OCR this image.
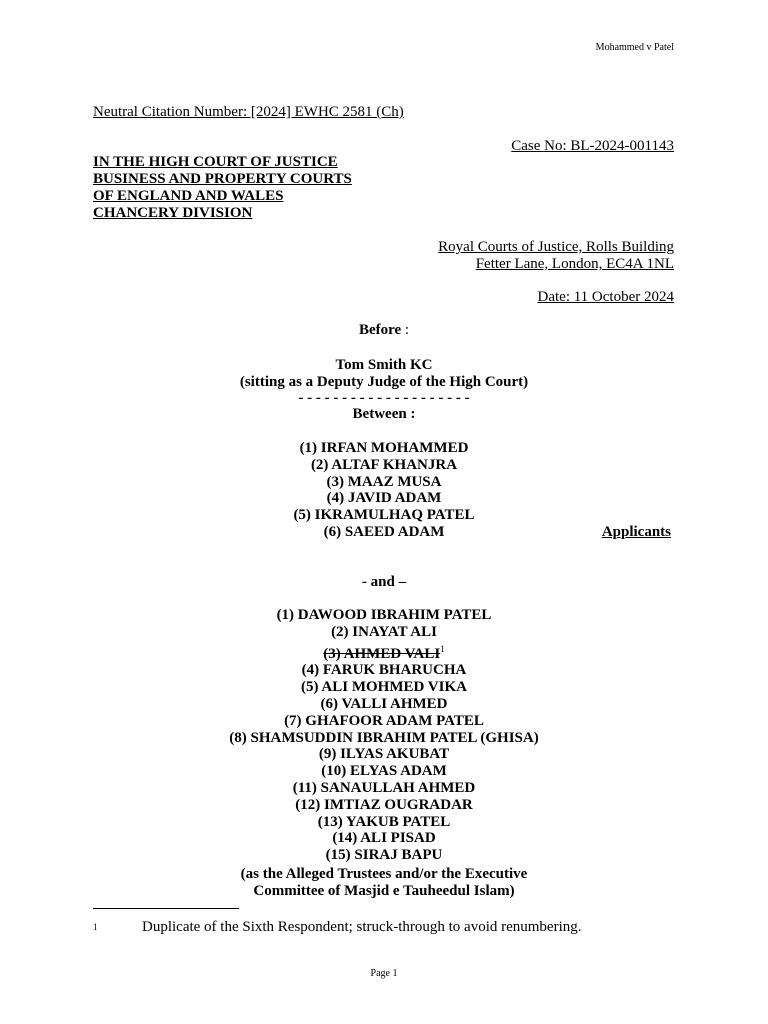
Mohammed v Patel
Neutral Citation Number: [2024] EWHC 2581 (Ch)
Case No: BL-2024-001143
IN THE HIGH COURT OF JUSTICE
BUSINESS AND PROPERTY COURTS
OF ENGLAND AND WALES
CHANCERY DIVISION
Royal Courts of Justice, Rolls Building
Fetter Lane, London, EC4A 1NL
Date: 11 October 2024
Before :
Tom Smith KC
(sitting as a Deputy Judge of the High Court)
- - - - - - - - - - - - - - - - - - - -
Between :
(1) IRFAN MOHAMMED
(2) ALTAF KHANJRA
(3) MAAZ MUSA
(4) JAVID ADAM
(5) IKRAMULHAQ PATEL
(6) SAEED ADAM	Applicants
- and –
(1) DAWOOD IBRAHIM PATEL
(2) INAYAT ALI
(3) AHMED VALI$^1$
(4) FARUK BHARUCHA
(5) ALI MOHMED VIKA
(6) VALLI AHMED
(7) GHAFOOR ADAM PATEL
(8) SHAMSUDDIN IBRAHIM PATEL (GHISA)
(9) ILYAS AKUBAT
(10) ELYAS ADAM
(11) SANAULLAH AHMED
(12) IMTIAZ OUGRADAR
(13) YAKUB PATEL
(14) ALI PISAD
(15) SIRAJ BAPU
(as the Alleged Trustees and/or the Executive
Committee of Masjid e Tauheedul Islam)
1	Duplicate of the Sixth Respondent; struck-through to avoid renumbering.
Page 1
